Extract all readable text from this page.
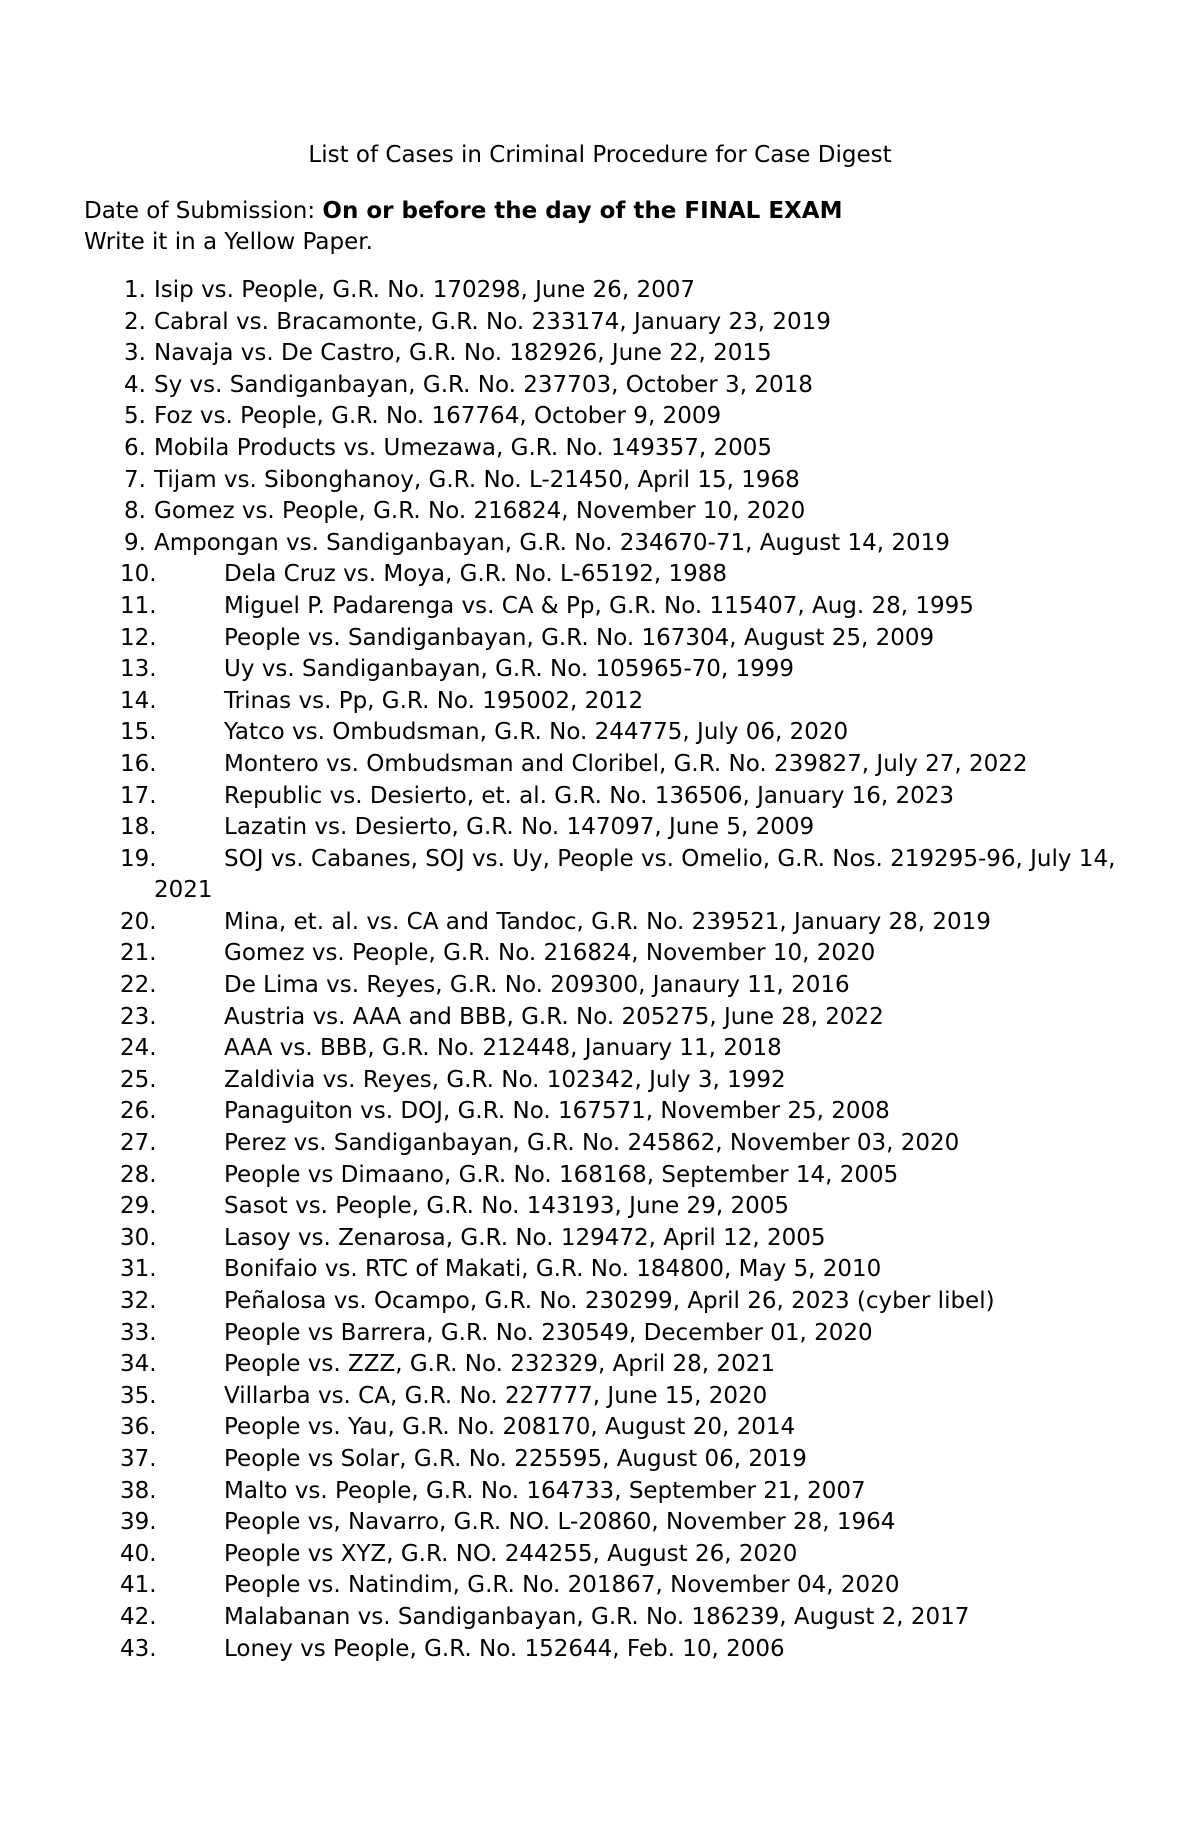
List of Cases in Criminal Procedure for Case Digest
Date of Submission: On or before the day of the FINAL EXAM
Write it in a Yellow Paper.
1. Isip vs. People, G.R. No. 170298, June 26, 2007
2. Cabral vs. Bracamonte, G.R. No. 233174, January 23, 2019
3. Navaja vs. De Castro, G.R. No. 182926, June 22, 2015
4. Sy vs. Sandiganbayan, G.R. No. 237703, October 3, 2018
5. Foz vs. People, G.R. No. 167764, October 9, 2009
6. Mobila Products vs. Umezawa, G.R. No. 149357, 2005
7. Tijam vs. Sibonghanoy, G.R. No. L-21450, April 15, 1968
8. Gomez vs. People, G.R. No. 216824, November 10, 2020
9. Ampongan vs. Sandiganbayan, G.R. No. 234670-71, August 14, 2019
10.	Dela Cruz vs. Moya, G.R. No. L-65192, 1988
11.	Miguel P. Padarenga vs. CA & Pp, G.R. No. 115407, Aug. 28, 1995
12.	People vs. Sandiganbayan, G.R. No. 167304, August 25, 2009
13.	Uy vs. Sandiganbayan, G.R. No. 105965-70, 1999
14.	Trinas vs. Pp, G.R. No. 195002, 2012
15.	Yatco vs. Ombudsman, G.R. No. 244775, July 06, 2020
16.	Montero vs. Ombudsman and Cloribel, G.R. No. 239827, July 27, 2022
17.	Republic vs. Desierto, et. al. G.R. No. 136506, January 16, 2023
18.	Lazatin vs. Desierto, G.R. No. 147097, June 5, 2009
19.	SOJ vs. Cabanes, SOJ vs. Uy, People vs. Omelio, G.R. Nos. 219295-96, July 14,
2021
20.	Mina, et. al. vs. CA and Tandoc, G.R. No. 239521, January 28, 2019
21.	Gomez vs. People, G.R. No. 216824, November 10, 2020
22.	De Lima vs. Reyes, G.R. No. 209300, Janaury 11, 2016
23.	Austria vs. AAA and BBB, G.R. No. 205275, June 28, 2022
24.	AAA vs. BBB, G.R. No. 212448, January 11, 2018
25.	Zaldivia vs. Reyes, G.R. No. 102342, July 3, 1992
26.	Panaguiton vs. DOJ, G.R. No. 167571, November 25, 2008
27.	Perez vs. Sandiganbayan, G.R. No. 245862, November 03, 2020
28.	People vs Dimaano, G.R. No. 168168, September 14, 2005
29.	Sasot vs. People, G.R. No. 143193, June 29, 2005
30.	Lasoy vs. Zenarosa, G.R. No. 129472, April 12, 2005
31.	Bonifaio vs. RTC of Makati, G.R. No. 184800, May 5, 2010
32.	Peñalosa vs. Ocampo, G.R. No. 230299, April 26, 2023 (cyber libel)
33.	People vs Barrera, G.R. No. 230549, December 01, 2020
34.	People vs. ZZZ, G.R. No. 232329, April 28, 2021
35.	Villarba vs. CA, G.R. No. 227777, June 15, 2020
36.	People vs. Yau, G.R. No. 208170, August 20, 2014
37.	People vs Solar, G.R. No. 225595, August 06, 2019
38.	Malto vs. People, G.R. No. 164733, September 21, 2007
39.	People vs, Navarro, G.R. NO. L-20860, November 28, 1964
40.	People vs XYZ, G.R. NO. 244255, August 26, 2020
41.	People vs. Natindim, G.R. No. 201867, November 04, 2020
42.	Malabanan vs. Sandiganbayan, G.R. No. 186239, August 2, 2017
43.	Loney vs People, G.R. No. 152644, Feb. 10, 2006
